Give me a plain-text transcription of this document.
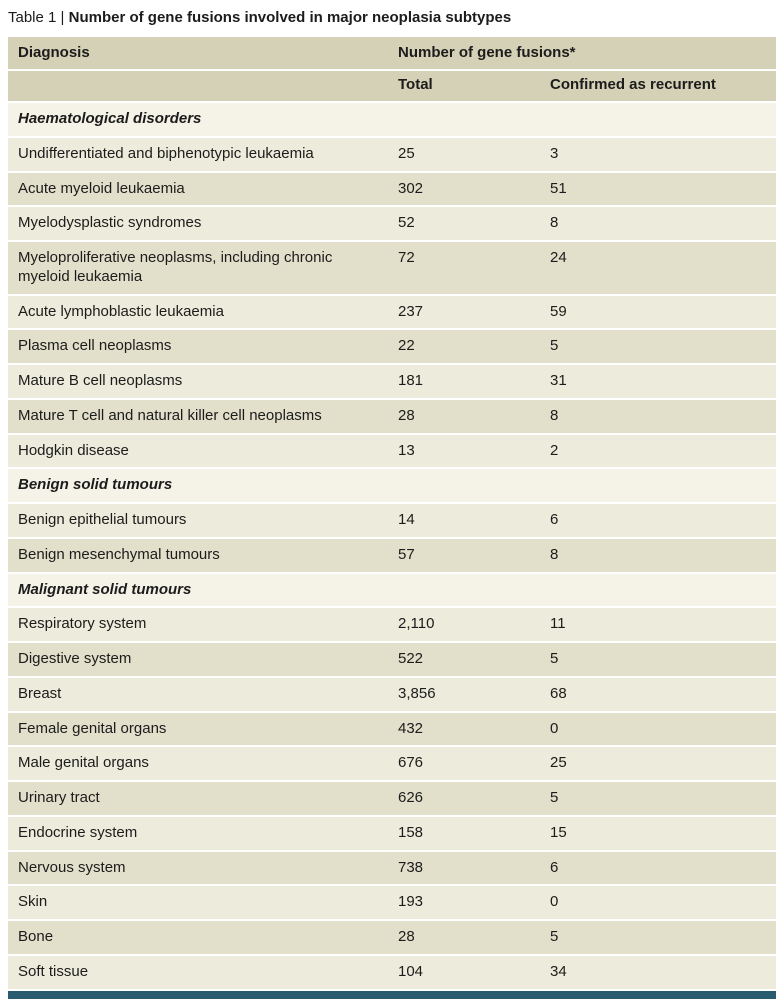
Table 1 | Number of gene fusions involved in major neoplasia subtypes
Diagnosis	Number of gene fusions*	
	Total	Confirmed as recurrent
Haematological disorders		
Undifferentiated and biphenotypic leukaemia	25	3
Acute myeloid leukaemia	302	51
Myelodysplastic syndromes	52	8
Myeloproliferative neoplasms, including chronic myeloid leukaemia	72	24
Acute lymphoblastic leukaemia	237	59
Plasma cell neoplasms	22	5
Mature B cell neoplasms	181	31
Mature T cell and natural killer cell neoplasms	28	8
Hodgkin disease	13	2
Benign solid tumours		
Benign epithelial tumours	14	6
Benign mesenchymal tumours	57	8
Malignant solid tumours		
Respiratory system	2,110	11
Digestive system	522	5
Breast	3,856	68
Female genital organs	432	0
Male genital organs	676	25
Urinary tract	626	5
Endocrine system	158	15
Nervous system	738	6
Skin	193	0
Bone	28	5
Soft tissue	104	34
